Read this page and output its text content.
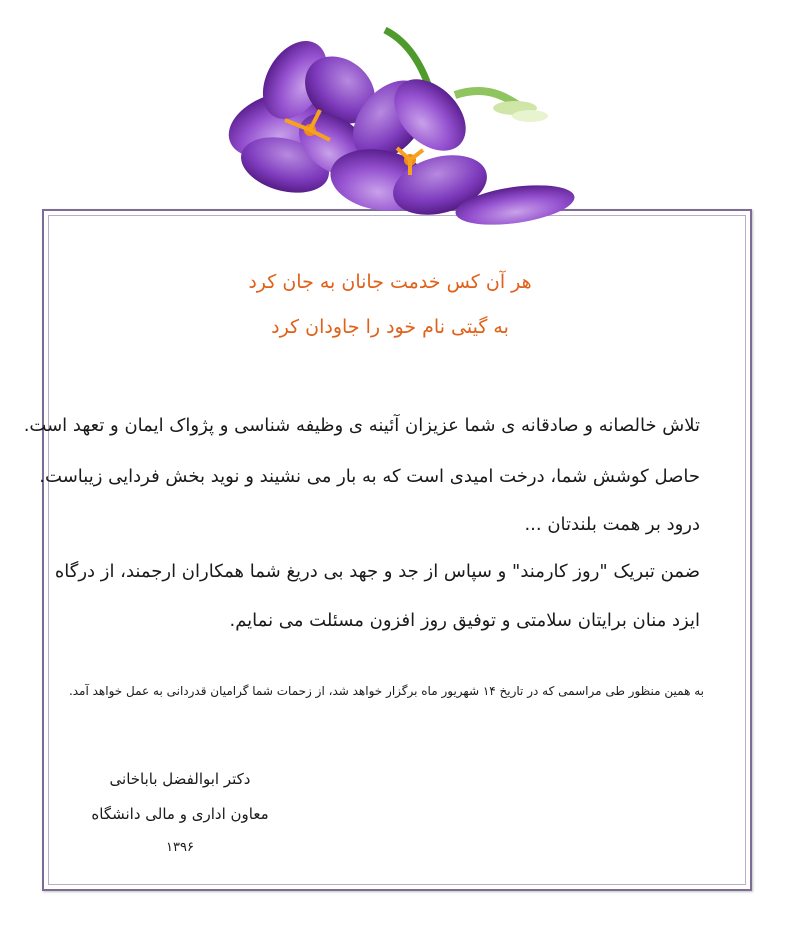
هر آن کس خدمت جانان به جان کرد
به گیتی نام خود را جاودان کرد
تلاش خالصانه و صادقانه ی شما عزیزان آئینه ی وظیفه شناسی و پژواک ایمان و تعهد است.
حاصل کوشش شما، درخت امیدی است که به بار می نشیند و نوید بخش فردایی زیباست.
درود بر همت بلندتان ...
ضمن تبریک "روز کارمند" و سپاس از جد و جهد بی دریغ شما همکاران ارجمند، از درگاه
ایزد منان برایتان سلامتی و توفیق روز افزون مسئلت می نمایم.
به همین منظور طی مراسمی که در تاریخ ۱۴ شهریور ماه برگزار خواهد شد، از زحمات شما گرامیان قدردانی به عمل خواهد آمد.
دکتر ابوالفضل باباخانی
معاون اداری و مالی دانشگاه
۱۳۹۶
